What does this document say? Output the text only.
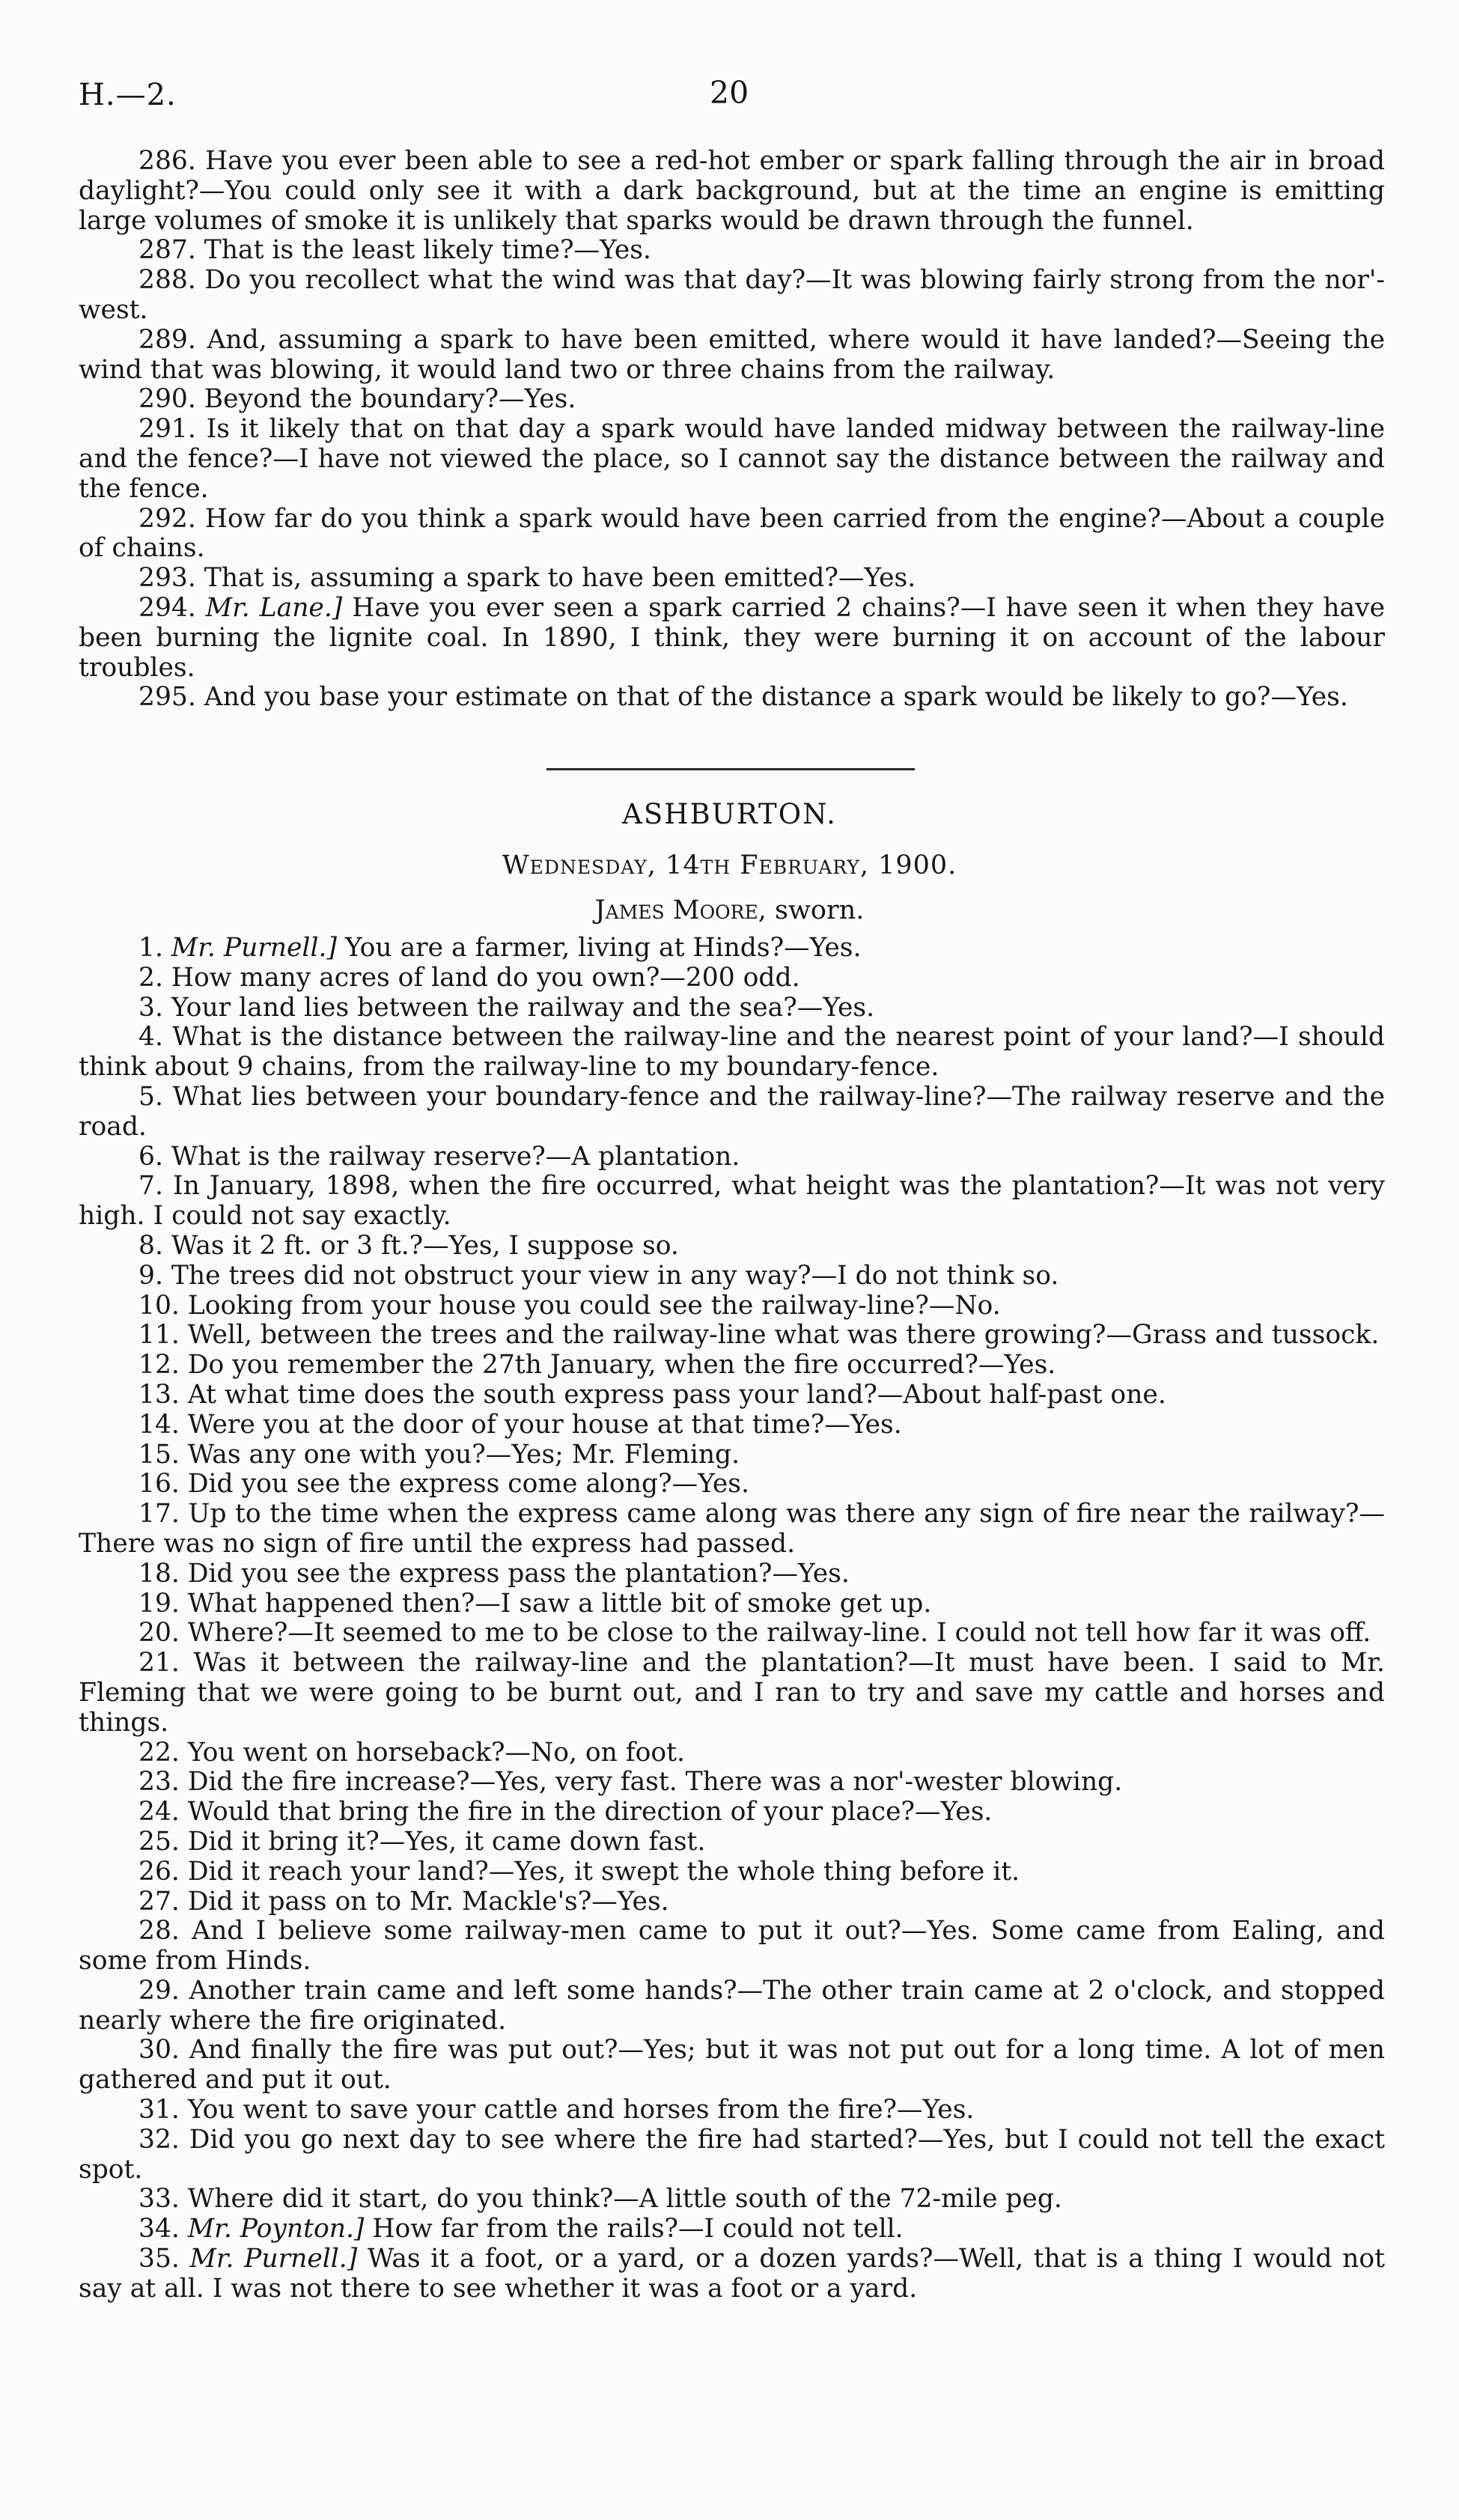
H.—2.	20

286. Have you ever been able to see a red-hot ember or spark falling through the air in broad daylight?—You could only see it with a dark background, but at the time an engine is emitting large volumes of smoke it is unlikely that sparks would be drawn through the funnel.

287. That is the least likely time?—Yes.

288. Do you recollect what the wind was that day?—It was blowing fairly strong from the nor'-west.

289. And, assuming a spark to have been emitted, where would it have landed?—Seeing the wind that was blowing, it would land two or three chains from the railway.

290. Beyond the boundary?—Yes.

291. Is it likely that on that day a spark would have landed midway between the railway-line and the fence?—I have not viewed the place, so I cannot say the distance between the railway and the fence.

292. How far do you think a spark would have been carried from the engine?—About a couple of chains.

293. That is, assuming a spark to have been emitted?—Yes.

294. Mr. Lane.] Have you ever seen a spark carried 2 chains?—I have seen it when they have been burning the lignite coal. In 1890, I think, they were burning it on account of the labour troubles.

295. And you base your estimate on that of the distance a spark would be likely to go?—Yes.

ASHBURTON.
Wednesday, 14th February, 1900.
James Moore, sworn.

1. Mr. Purnell.] You are a farmer, living at Hinds?—Yes.

2. How many acres of land do you own?—200 odd.

3. Your land lies between the railway and the sea?—Yes.

4. What is the distance between the railway-line and the nearest point of your land?—I should think about 9 chains, from the railway-line to my boundary-fence.

5. What lies between your boundary-fence and the railway-line?—The railway reserve and the road.

6. What is the railway reserve?—A plantation.

7. In January, 1898, when the fire occurred, what height was the plantation?—It was not very high. I could not say exactly.

8. Was it 2 ft. or 3 ft.?—Yes, I suppose so.

9. The trees did not obstruct your view in any way?—I do not think so.

10. Looking from your house you could see the railway-line?—No.

11. Well, between the trees and the railway-line what was there growing?—Grass and tussock.

12. Do you remember the 27th January, when the fire occurred?—Yes.

13. At what time does the south express pass your land?—About half-past one.

14. Were you at the door of your house at that time?—Yes.

15. Was any one with you?—Yes; Mr. Fleming.

16. Did you see the express come along?—Yes.

17. Up to the time when the express came along was there any sign of fire near the railway?—There was no sign of fire until the express had passed.

18. Did you see the express pass the plantation?—Yes.

19. What happened then?—I saw a little bit of smoke get up.

20. Where?—It seemed to me to be close to the railway-line. I could not tell how far it was off.

21. Was it between the railway-line and the plantation?—It must have been. I said to Mr. Fleming that we were going to be burnt out, and I ran to try and save my cattle and horses and things.

22. You went on horseback?—No, on foot.

23. Did the fire increase?—Yes, very fast. There was a nor'-wester blowing.

24. Would that bring the fire in the direction of your place?—Yes.

25. Did it bring it?—Yes, it came down fast.

26. Did it reach your land?—Yes, it swept the whole thing before it.

27. Did it pass on to Mr. Mackle's?—Yes.

28. And I believe some railway-men came to put it out?—Yes. Some came from Ealing, and some from Hinds.

29. Another train came and left some hands?—The other train came at 2 o'clock, and stopped nearly where the fire originated.

30. And finally the fire was put out?—Yes; but it was not put out for a long time. A lot of men gathered and put it out.

31. You went to save your cattle and horses from the fire?—Yes.

32. Did you go next day to see where the fire had started?—Yes, but I could not tell the exact spot.

33. Where did it start, do you think?—A little south of the 72-mile peg.

34. Mr. Poynton.] How far from the rails?—I could not tell.

35. Mr. Purnell.] Was it a foot, or a yard, or a dozen yards?—Well, that is a thing I would not say at all. I was not there to see whether it was a foot or a yard.
